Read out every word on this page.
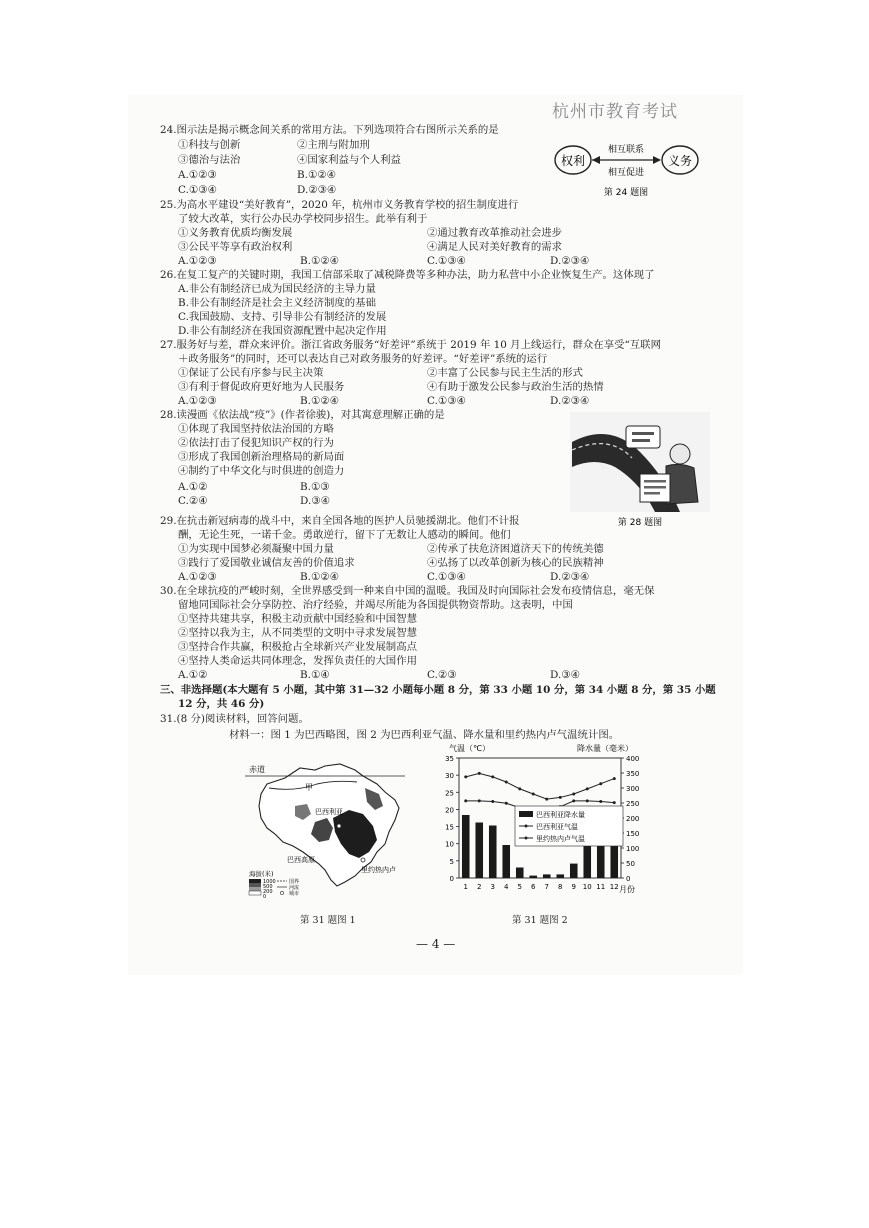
杭州市教育考试
24.图示法是揭示概念间关系的常用方法。下列选项符合右图所示关系的是
①科技与创新	②主刑与附加刑
③德治与法治	④国家利益与个人利益
A.①②③	B.①②④
C.①③④	D.②③④
权利	义务
相互联系
相互促进
第 24 题图
25.为高水平建设“美好教育”，2020 年，杭州市义务教育学校的招生制度进行
了较大改革，实行公办民办学校同步招生。此举有利于
①义务教育优质均衡发展	②通过教育改革推动社会进步
③公民平等享有政治权利	④满足人民对美好教育的需求
A.①②③	B.①②④	C.①③④	D.②③④
26.在复工复产的关键时期，我国工信部采取了减税降费等多种办法，助力私营中小企业恢复生产。这体现了
A.非公有制经济已成为国民经济的主导力量
B.非公有制经济是社会主义经济制度的基础
C.我国鼓励、支持、引导非公有制经济的发展
D.非公有制经济在我国资源配置中起决定作用
27.服务好与差，群众来评价。浙江省政务服务“好差评”系统于 2019 年 10 月上线运行，群众在享受“互联网
＋政务服务”的同时，还可以表达自己对政务服务的好差评。“好差评”系统的运行
①保证了公民有序参与民主决策	②丰富了公民参与民主生活的形式
③有利于督促政府更好地为人民服务	④有助于激发公民参与政治生活的热情
A.①②③	B.①②④	C.①③④	D.②③④
28.读漫画《依法战“疫”》(作者徐骏)，对其寓意理解正确的是
①体现了我国坚持依法治国的方略
②依法打击了侵犯知识产权的行为
③形成了我国创新治理格局的新局面
④制约了中华文化与时俱进的创造力
A.①②	B.①③
C.②④	D.③④
第 28 题图
29.在抗击新冠病毒的战斗中，来自全国各地的医护人员驰援湖北。他们不计报
酬，无论生死，一诺千金。勇敢逆行，留下了无数让人感动的瞬间。他们
①为实现中国梦必须凝聚中国力量	②传承了扶危济困道济天下的传统美德
③践行了爱国敬业诚信友善的价值追求	④弘扬了以改革创新为核心的民族精神
A.①②③	B.①②④	C.①③④	D.②③④
30.在全球抗疫的严峻时刻，全世界感受到一种来自中国的温暖。我国及时向国际社会发布疫情信息，毫无保
留地同国际社会分享防控、治疗经验，并竭尽所能为各国提供物资帮助。这表明，中国
①坚持共建共享，积极主动贡献中国经验和中国智慧
②坚持以我为主，从不同类型的文明中寻求发展智慧
③坚持合作共赢，积极抢占全球新兴产业发展制高点
④坚持人类命运共同体理念，发挥负责任的大国作用
A.①②	B.①④	C.②③	D.③④
三、非选择题(本大题有 5 小题，其中第 31—32 小题每小题 8 分，第 33 小题 10 分，第 34 小题 8 分，第 35 小题
12 分，共 46 分)
31.(8 分)阅读材料，回答问题。
材料一：图 1 为巴西略图，图 2 为巴西利亚气温、降水量和里约热内卢气温统计图。
赤道
甲
巴西利亚
巴西高原
里约热内卢
海拔(米)
1000
500
200
0
国界
河流
城市
第 31 题图 1
气温（℃）	降水量（毫米）
月份
0
5
10
15
20
25
30
35
0
50
100
150
200
250
300
350
400
1 2 3 4 5 6 7 8 9 10 11 12
巴西利亚降水量
巴西利亚气温
里约热内卢气温
第 31 题图 2
— 4 —
